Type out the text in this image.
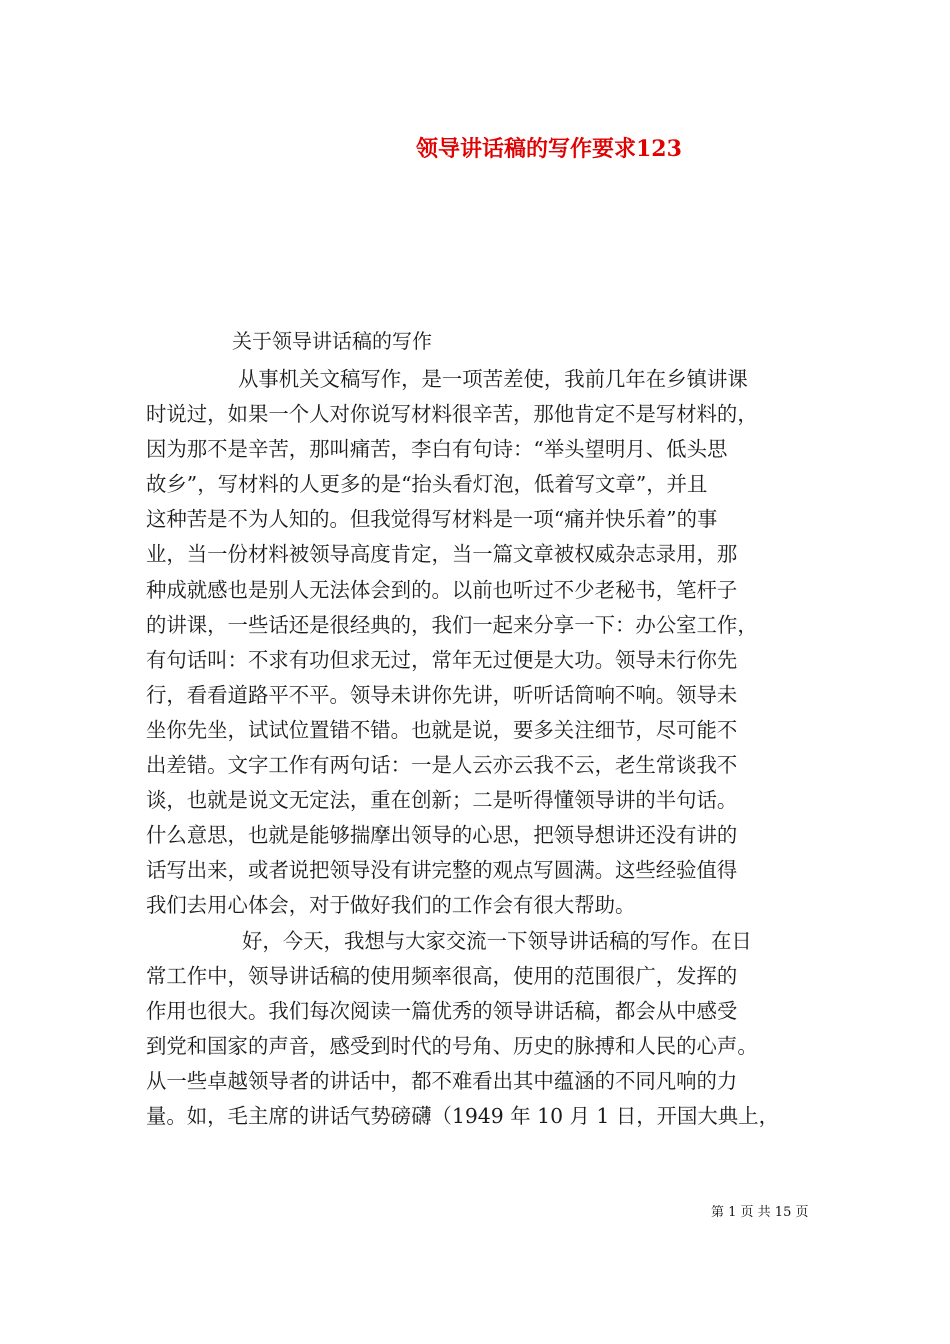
领导讲话稿的写作要求123
关于领导讲话稿的写作
从事机关文稿写作，是一项苦差使，我前几年在乡镇讲课
时说过，如果一个人对你说写材料很辛苦，那他肯定不是写材料的，
因为那不是辛苦，那叫痛苦，李白有句诗：“举头望明月、低头思
故乡”，写材料的人更多的是“抬头看灯泡，低着写文章”，并且
这种苦是不为人知的。但我觉得写材料是一项“痛并快乐着”的事
业，当一份材料被领导高度肯定，当一篇文章被权威杂志录用，那
种成就感也是别人无法体会到的。以前也听过不少老秘书，笔杆子
的讲课，一些话还是很经典的，我们一起来分享一下：办公室工作，
有句话叫：不求有功但求无过，常年无过便是大功。领导未行你先
行，看看道路平不平。领导未讲你先讲，听听话筒响不响。领导未
坐你先坐，试试位置错不错。也就是说，要多关注细节，尽可能不
出差错。文字工作有两句话：一是人云亦云我不云，老生常谈我不
谈，也就是说文无定法，重在创新；二是听得懂领导讲的半句话。
什么意思，也就是能够揣摩出领导的心思，把领导想讲还没有讲的
话写出来，或者说把领导没有讲完整的观点写圆满。这些经验值得
我们去用心体会，对于做好我们的工作会有很大帮助。
好，今天，我想与大家交流一下领导讲话稿的写作。在日
常工作中，领导讲话稿的使用频率很高，使用的范围很广，发挥的
作用也很大。我们每次阅读一篇优秀的领导讲话稿，都会从中感受
到党和国家的声音，感受到时代的号角、历史的脉搏和人民的心声。
从一些卓越领导者的讲话中，都不难看出其中蕴涵的不同凡响的力
量。如，毛主席的讲话气势磅礴（1949 年 10 月 1 日，开国大典上，
第 1 页 共 15 页
